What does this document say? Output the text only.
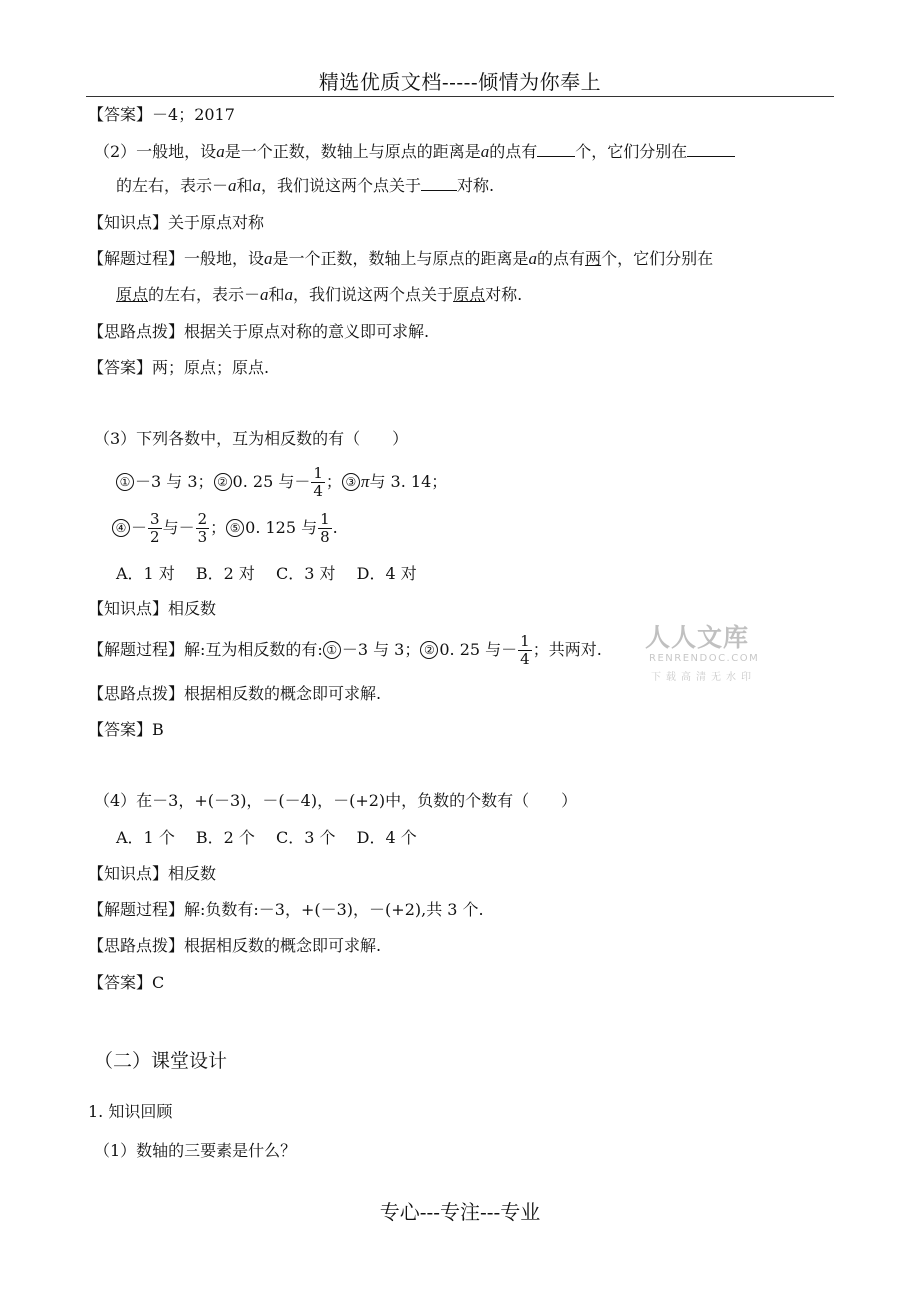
精选优质文档-----倾情为你奉上
【答案】－4；2017
（2）一般地，设a是一个正数，数轴上与原点的距离是a的点有 个，它们分别在
的左右，表示－a和a，我们说这两个点关于 对称.
【知识点】关于原点对称
【解题过程】一般地，设a是一个正数，数轴上与原点的距离是a的点有两个，它们分别在
原点的左右，表示－a和a，我们说这两个点关于原点对称.
【思路点拨】根据关于原点对称的意义即可求解.
【答案】两；原点；原点.
（3）下列各数中，互为相反数的有（　　）
① －3 与 3； ② 0. 25 与－ $\frac{1}{4}$ ； ③ π与 3. 14；
④ － $\frac{3}{2}$ 与－ $\frac{2}{3}$ ； ⑤ 0. 125 与 $\frac{1}{8}$ .
A．1 对　 B．2 对　 C．3 对　 D．4 对
【知识点】相反数
【解题过程】解:互为相反数的有: ① －3 与 3； ② 0. 25 与－ $\frac{1}{4}$ ；共两对.
【思路点拨】根据相反数的概念即可求解.
【答案】B
（4）在－3，+(－3)，－(－4)，－(+2)中，负数的个数有（　　）
A．1 个　 B．2 个　 C．3 个　 D．4 个
【知识点】相反数
【解题过程】解:负数有:－3，+(－3)，－(+2),共 3 个.
【思路点拨】根据相反数的概念即可求解.
【答案】C
（二）课堂设计
1. 知识回顾
（1）数轴的三要素是什么？
人人文库
RENRENDOC.COM
下载高清无水印
专心---专注---专业
